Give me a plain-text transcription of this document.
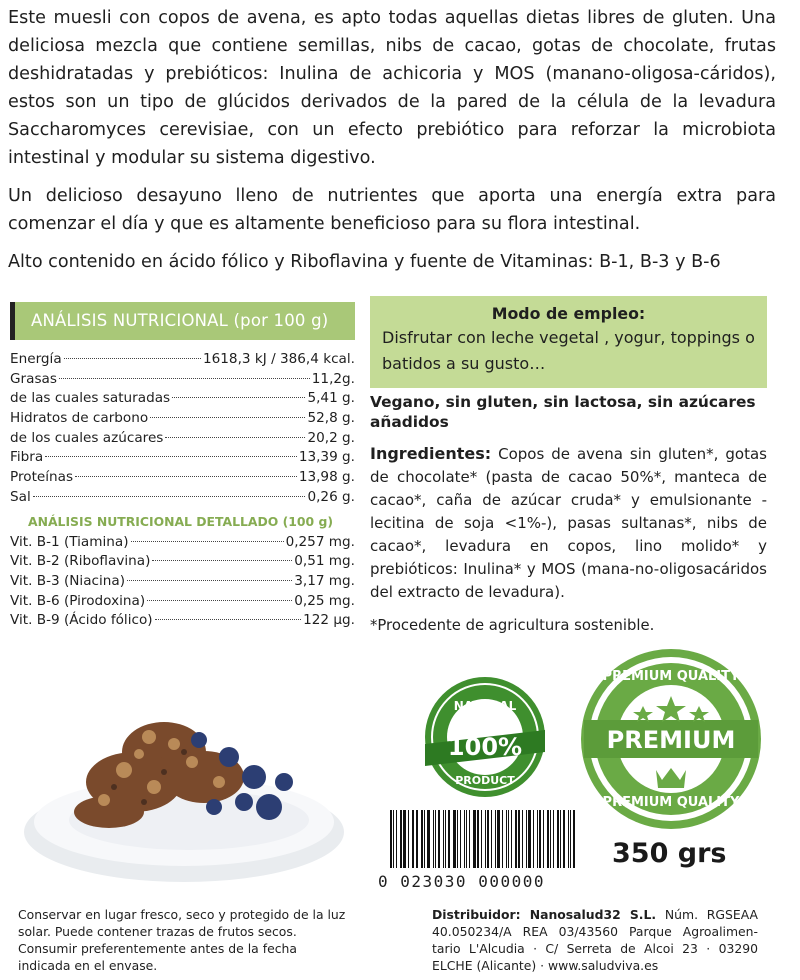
Este muesli con copos de avena, es apto todas aquellas dietas libres de gluten. Una deliciosa mezcla que contiene semillas, nibs de cacao, gotas de chocolate, frutas deshidratadas y prebióticos: Inulina de achicoria y MOS (manano-oligosa-cáridos), estos son un tipo de glúcidos derivados de la pared de la célula de la levadura Saccharomyces cerevisiae, con un efecto prebiótico para reforzar la microbiota intestinal y modular su sistema digestivo.

Un delicioso desayuno lleno de nutrientes que aporta una energía extra para comenzar el día y que es altamente beneficioso para su flora intestinal.

Alto contenido en ácido fólico y Riboflavina y fuente de Vitaminas: B-1, B-3 y B-6

ANÁLISIS NUTRICIONAL (por 100 g)
Energía	1618,3 kJ / 386,4 kcal.
Grasas	11,2g.
de las cuales saturadas	5,41 g.
Hidratos de carbono	52,8 g.
de los cuales azúcares	20,2 g.
Fibra	13,39 g.
Proteínas	13,98 g.
Sal	0,26 g.
ANÁLISIS NUTRICIONAL DETALLADO (100 g)
Vit. B-1 (Tiamina)	0,257 mg.
Vit. B-2 (Riboflavina)	0,51 mg.
Vit. B-3 (Niacina)	3,17 mg.
Vit. B-6 (Pirodoxina)	0,25 mg.
Vit. B-9 (Ácido fólico)	122 μg.
Modo de empleo:
Disfrutar con leche vegetal , yogur, toppings o batidos a su gusto…
Vegano, sin gluten, sin lactosa, sin azúcares añadidos
Ingredientes: Copos de avena sin gluten*, gotas de chocolate* (pasta de cacao 50%*, manteca de cacao*, caña de azúcar cruda* y emulsionante -lecitina de soja <1%-), pasas sultanas*, nibs de cacao*, levadura en copos, lino molido* y prebióticos: Inulina* y MOS (mana-no-oligosacáridos del extracto de levadura).
*Procedente de agricultura sostenible.
NATURAL
100%
PRODUCT
PREMIUM QUALITY
PREMIUM
PREMIUM QUALITY
0 023030 000000
350 grs
Conservar en lugar fresco, seco y protegido de la luz solar. Puede contener trazas de frutos secos. Consumir preferentemente antes de la fecha indicada en el envase.
Distribuidor: Nanosalud32 S.L. Núm. RGSEAA 40.050234/A REA 03/43560 Parque Agroalimen-tario L'Alcudia · C/ Serreta de Alcoi 23 · 03290 ELCHE (Alicante) · www.saludviva.es
